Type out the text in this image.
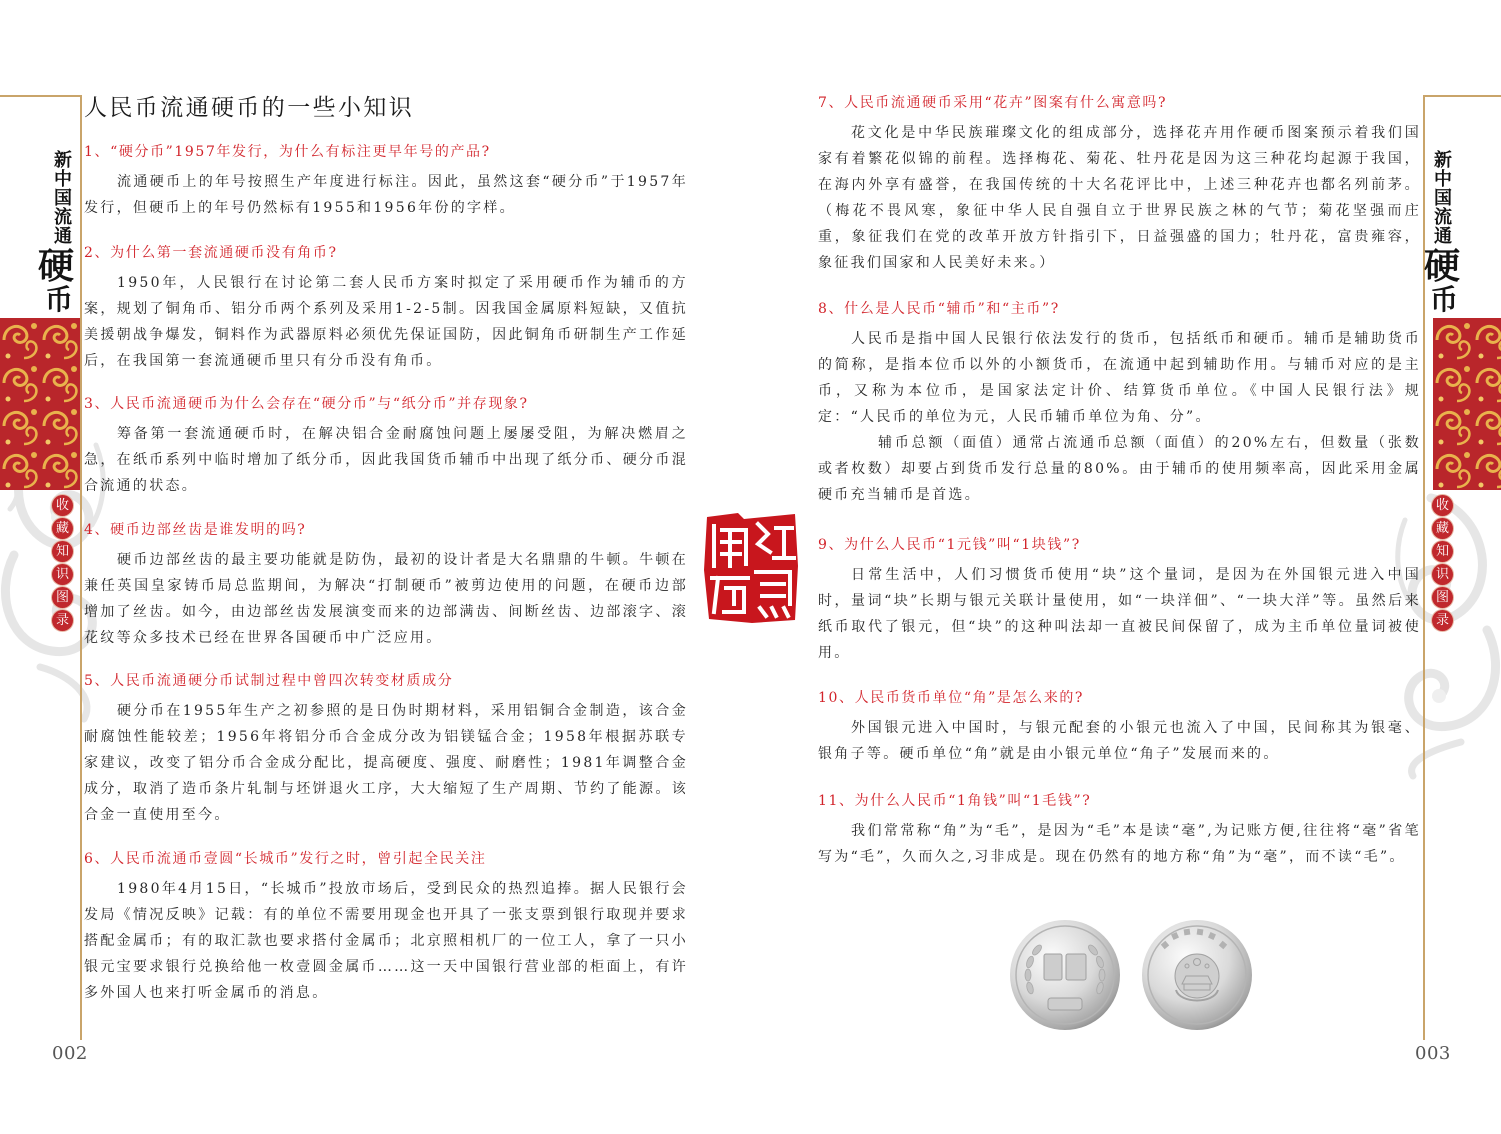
新中国流通
硬
币
收
藏
知
识
图
录
新中国流通
硬
币
收
藏
知
识
图
录
人民币流通硬币的一些小知识
1、“硬分币”1957年发行，为什么有标注更早年号的产品?

流通硬币上的年号按照生产年度进行标注。因此，虽然这套“硬分币”于1957年发行，但硬币上的年号仍然标有1955和1956年份的字样。

2、为什么第一套流通硬币没有角币?

1950年，人民银行在讨论第二套人民币方案时拟定了采用硬币作为辅币的方案，规划了铜角币、铝分币两个系列及采用1-2-5制。因我国金属原料短缺，又值抗美援朝战争爆发，铜料作为武器原料必须优先保证国防，因此铜角币研制生产工作延后，在我国第一套流通硬币里只有分币没有角币。

3、人民币流通硬币为什么会存在“硬分币”与“纸分币”并存现象?

筹备第一套流通硬币时，在解决铝合金耐腐蚀问题上屡屡受阻，为解决燃眉之急，在纸币系列中临时增加了纸分币，因此我国货币辅币中出现了纸分币、硬分币混合流通的状态。

4、硬币边部丝齿是谁发明的吗?

硬币边部丝齿的最主要功能就是防伪，最初的设计者是大名鼎鼎的牛顿。牛顿在兼任英国皇家铸币局总监期间，为解决“打制硬币”被剪边使用的问题，在硬币边部增加了丝齿。如今，由边部丝齿发展演变而来的边部满齿、间断丝齿、边部滚字、滚花纹等众多技术已经在世界各国硬币中广泛应用。

5、人民币流通硬分币试制过程中曾四次转变材质成分

硬分币在1955年生产之初参照的是日伪时期材料，采用铝铜合金制造，该合金耐腐蚀性能较差；1956年将铝分币合金成分改为铝镁锰合金；1958年根据苏联专家建议，改变了铝分币合金成分配比，提高硬度、强度、耐磨性；1981年调整合金成分，取消了造币条片轧制与坯饼退火工序，大大缩短了生产周期、节约了能源。该合金一直使用至今。

6、人民币流通币壹圆“长城币”发行之时，曾引起全民关注

1980年4月15日，“长城币”投放市场后，受到民众的热烈追捧。据人民银行会发局《情况反映》记载：有的单位不需要用现金也开具了一张支票到银行取现并要求搭配金属币；有的取汇款也要求搭付金属币；北京照相机厂的一位工人，拿了一只小银元宝要求银行兑换给他一枚壹圆金属币……这一天中国银行营业部的柜面上，有许多外国人也来打听金属币的消息。

002
7、人民币流通硬币采用“花卉”图案有什么寓意吗?

花文化是中华民族璀璨文化的组成部分，选择花卉用作硬币图案预示着我们国家有着繁花似锦的前程。选择梅花、菊花、牡丹花是因为这三种花均起源于我国，在海内外享有盛誉，在我国传统的十大名花评比中，上述三种花卉也都名列前茅。（梅花不畏风寒，象征中华人民自强自立于世界民族之林的气节；菊花坚强而庄重，象征我们在党的改革开放方针指引下，日益强盛的国力；牡丹花，富贵雍容，象征我们国家和人民美好未来。）

8、什么是人民币“辅币”和“主币”?

人民币是指中国人民银行依法发行的货币，包括纸币和硬币。辅币是辅助货币的简称，是指本位币以外的小额货币，在流通中起到辅助作用。与辅币对应的是主币，又称为本位币，是国家法定计价、结算货币单位。《中国人民银行法》规定：“人民币的单位为元，人民币辅币单位为角、分”。

辅币总额（面值）通常占流通币总额（面值）的20%左右，但数量（张数或者枚数）却要占到货币发行总量的80%。由于辅币的使用频率高，因此采用金属硬币充当辅币是首选。

9、为什么人民币“1元钱”叫“1块钱”?

日常生活中，人们习惯货币使用“块”这个量词，是因为在外国银元进入中国时，量词“块”长期与银元关联计量使用，如“一块洋佃”、“一块大洋”等。虽然后来纸币取代了银元，但“块”的这种叫法却一直被民间保留了，成为主币单位量词被使用。

10、人民币货币单位“角”是怎么来的?

外国银元进入中国时，与银元配套的小银元也流入了中国，民间称其为银毫、银角子等。硬币单位“角”就是由小银元单位“角子”发展而来的。

11、为什么人民币“1角钱”叫“1毛钱”?

我们常常称“角”为“毛”，是因为“毛”本是读“毫”,为记账方便,往往将“毫”省笔写为“毛”，久而久之,习非成是。现在仍然有的地方称“角”为“毫”，而不读“毛”。

003
